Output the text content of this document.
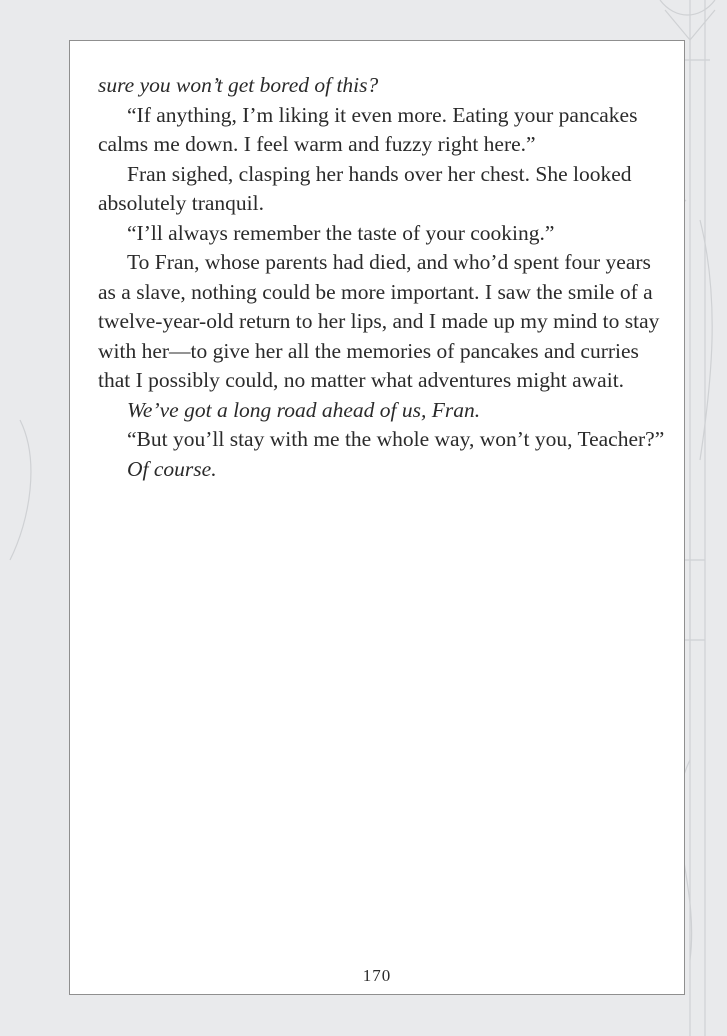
sure you won’t get bored of this?

“If anything, I’m liking it even more. Eating your pancakes calms me down. I feel warm and fuzzy right here.”

Fran sighed, clasping her hands over her chest. She looked absolutely tranquil.

“I’ll always remember the taste of your cooking.”

To Fran, whose parents had died, and who’d spent four years as a slave, nothing could be more important. I saw the smile of a twelve-year-old return to her lips, and I made up my mind to stay with her—to give her all the memories of pancakes and curries that I possibly could, no matter what adventures might await.

We’ve got a long road ahead of us, Fran.

“But you’ll stay with me the whole way, won’t you, Teacher?”

Of course.

170
